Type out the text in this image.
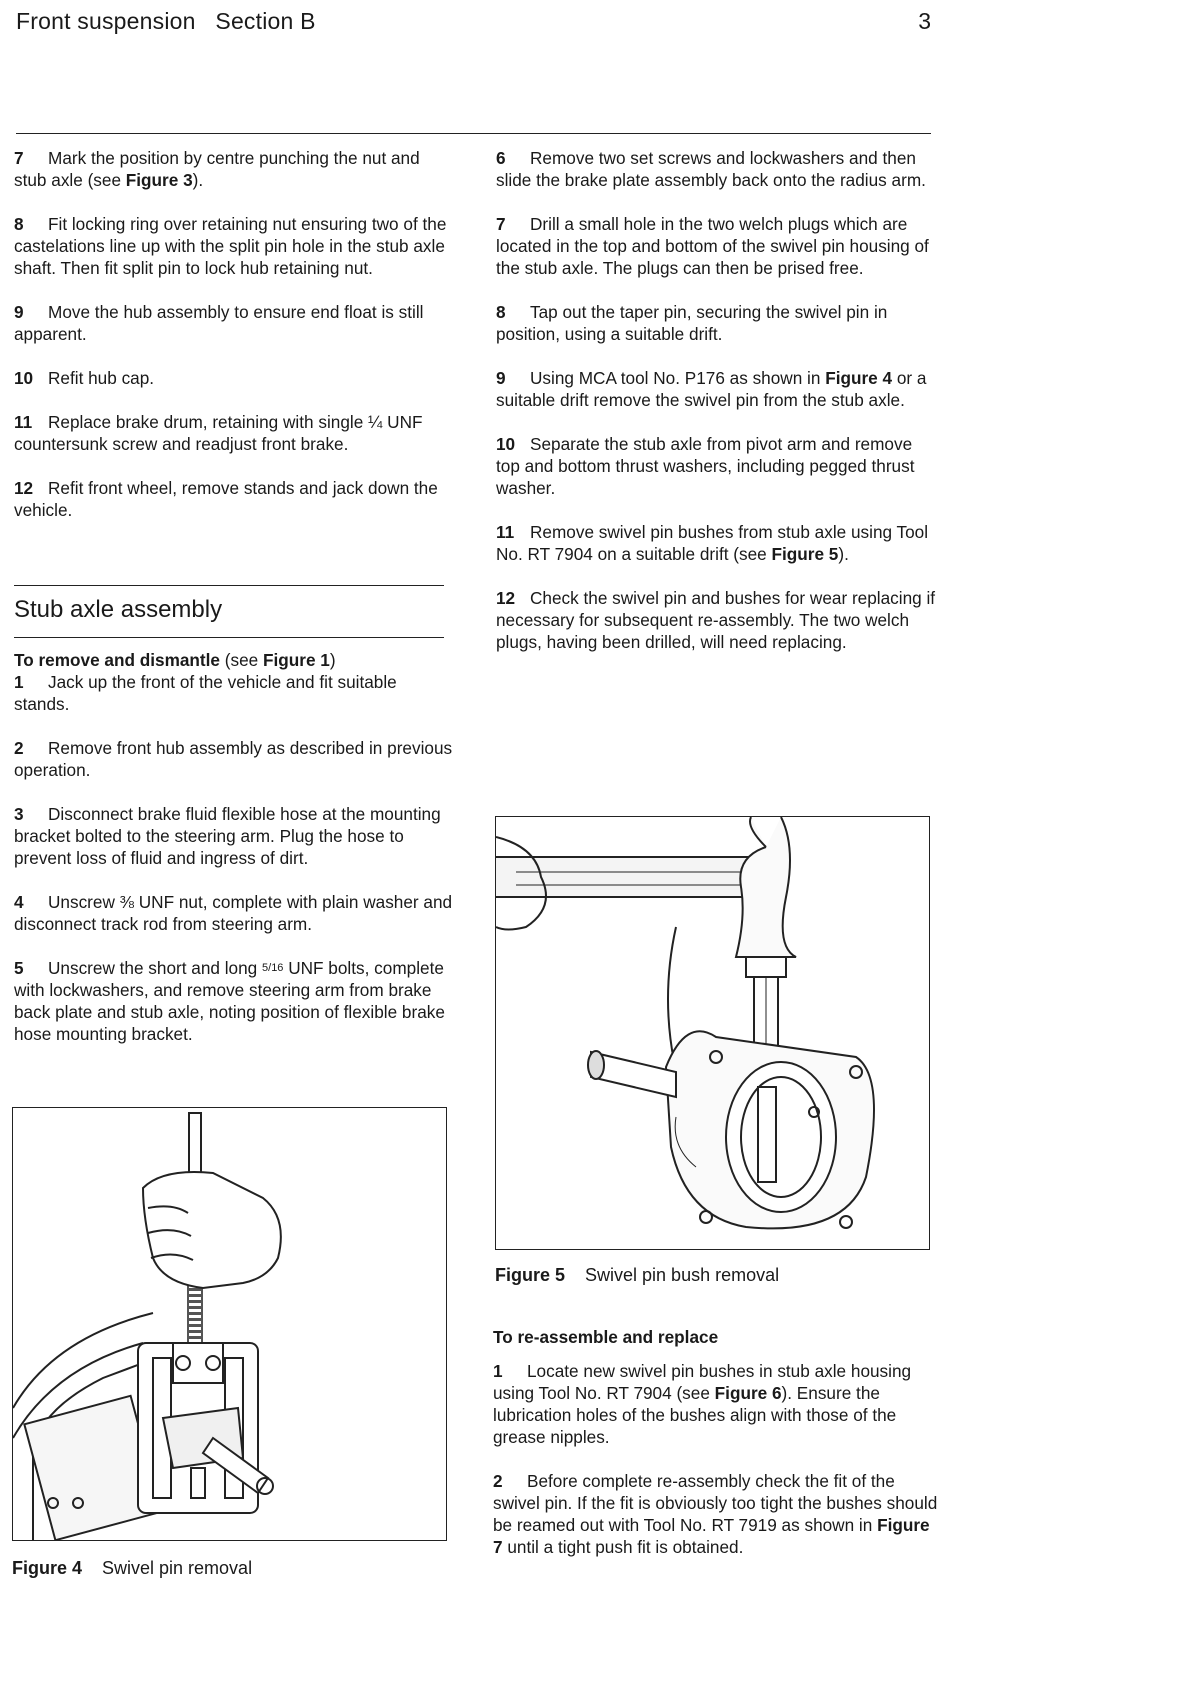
Front suspension   Section B	3

7 Mark the position by centre punching the nut and stub axle (see Figure 3).

8 Fit locking ring over retaining nut ensuring two of the castelations line up with the split pin hole in the stub axle shaft. Then fit split pin to lock hub retaining nut.

9 Move the hub assembly to ensure end float is still apparent.

10 Refit hub cap.

11 Replace brake drum, retaining with single ¼ UNF countersunk screw and readjust front brake.

12 Refit front wheel, remove stands and jack down the vehicle.

Stub axle assembly
To remove and dismantle (see Figure 1)

1 Jack up the front of the vehicle and fit suitable stands.

2 Remove front hub assembly as described in previous operation.

3 Disconnect brake fluid flexible hose at the mounting bracket bolted to the steering arm. Plug the hose to prevent loss of fluid and ingress of dirt.

4 Unscrew ⅜ UNF nut, complete with plain washer and disconnect track rod from steering arm.

5 Unscrew the short and long 5/16 UNF bolts, complete with lockwashers, and remove steering arm from brake back plate and stub axle, noting position of flexible brake hose mounting bracket.

6 Remove two set screws and lockwashers and then slide the brake plate assembly back onto the radius arm.

7 Drill a small hole in the two welch plugs which are located in the top and bottom of the swivel pin housing of the stub axle. The plugs can then be prised free.

8 Tap out the taper pin, securing the swivel pin in position, using a suitable drift.

9 Using MCA tool No. P176 as shown in Figure 4 or a suitable drift remove the swivel pin from the stub axle.

10 Separate the stub axle from pivot arm and remove top and bottom thrust washers, including pegged thrust washer.

11 Remove swivel pin bushes from stub axle using Tool No. RT 7904 on a suitable drift (see Figure 5).

12 Check the swivel pin and bushes for wear replacing if necessary for subsequent re-assembly. The two welch plugs, having been drilled, will need replacing.

Figure 5 Swivel pin bush removal
To re-assemble and replace

1 Locate new swivel pin bushes in stub axle housing using Tool No. RT 7904 (see Figure 6). Ensure the lubrication holes of the bushes align with those of the grease nipples.

2 Before complete re-assembly check the fit of the swivel pin. If the fit is obviously too tight the bushes should be reamed out with Tool No. RT 7919 as shown in Figure 7 until a tight push fit is obtained.

Figure 4 Swivel pin removal
